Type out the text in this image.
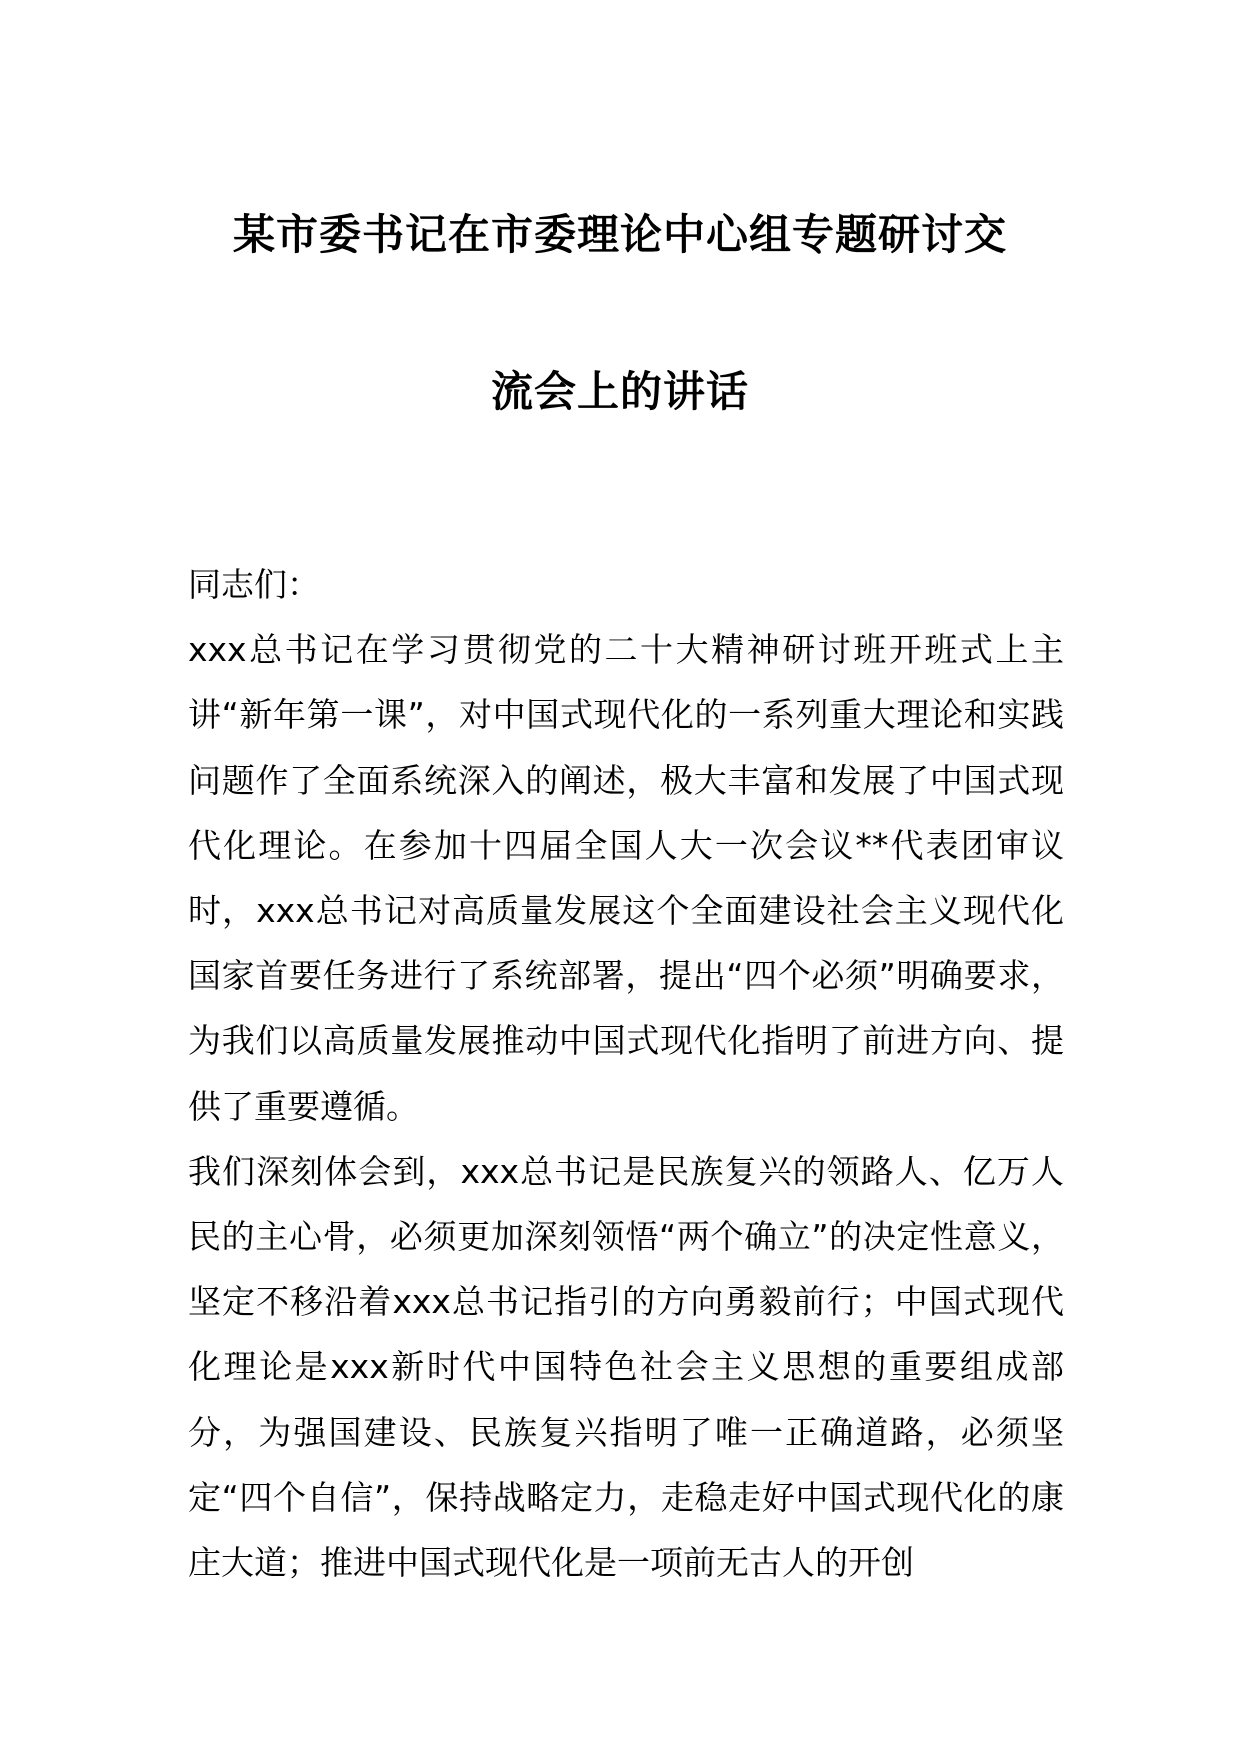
某市委书记在市委理论中心组专题研讨交
流会上的讲话

同志们：

xxx总书记在学习贯彻党的二十大精神研讨班开班式上主讲“新年第一课”，对中国式现代化的一系列重大理论和实践问题作了全面系统深入的阐述，极大丰富和发展了中国式现代化理论。在参加十四届全国人大一次会议**代表团审议时，xxx总书记对高质量发展这个全面建设社会主义现代化国家首要任务进行了系统部署，提出“四个必须”明确要求，为我们以高质量发展推动中国式现代化指明了前进方向、提供了重要遵循。

我们深刻体会到，xxx总书记是民族复兴的领路人、亿万人民的主心骨，必须更加深刻领悟“两个确立”的决定性意义，坚定不移沿着xxx总书记指引的方向勇毅前行；中国式现代化理论是xxx新时代中国特色社会主义思想的重要组成部分，为强国建设、民族复兴指明了唯一正确道路，必须坚定“四个自信”，保持战略定力，走稳走好中国式现代化的康庄大道；推进中国式现代化是一项前无古人的开创
